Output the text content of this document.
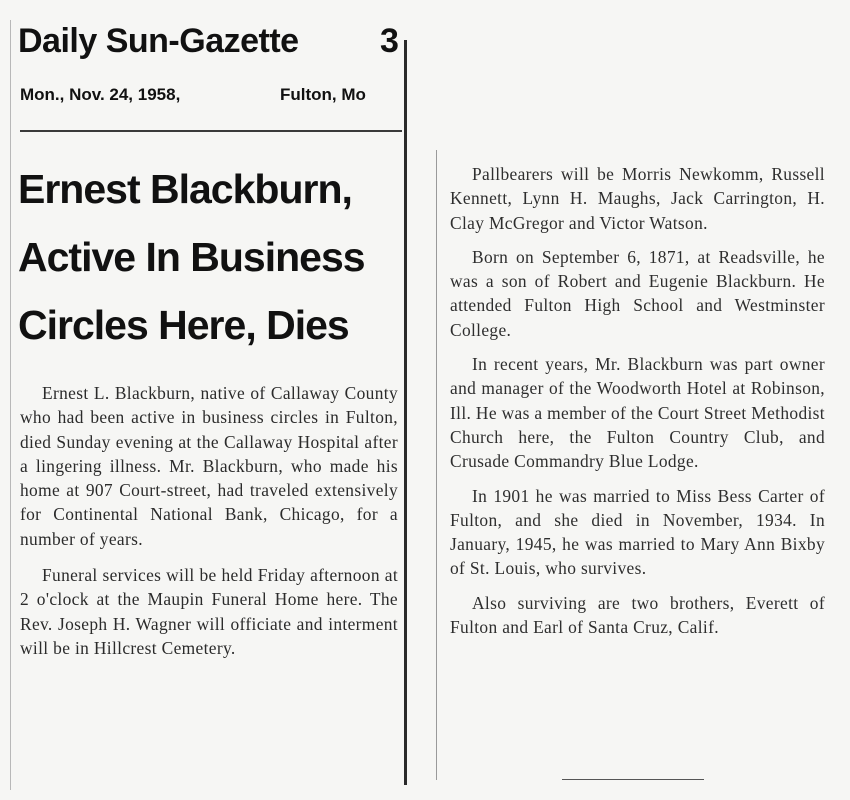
Daily Sun-Gazette 3
Mon., Nov. 24, 1958,	Fulton, Mo
Ernest Blackburn,
Active In Business
Circles Here, Dies

Ernest L. Blackburn, native of Callaway County who had been active in business circles in Fulton, died Sunday evening at the Callaway Hospital after a lingering illness. Mr. Blackburn, who made his home at 907 Court-street, had traveled extensively for Continental National Bank, Chicago, for a number of years.

Funeral services will be held Friday afternoon at 2 o'clock at the Maupin Funeral Home here. The Rev. Joseph H. Wagner will officiate and interment will be in Hillcrest Cemetery.

Pallbearers will be Morris Newkomm, Russell Kennett, Lynn H. Maughs, Jack Carrington, H. Clay McGregor and Victor Watson.

Born on September 6, 1871, at Readsville, he was a son of Robert and Eugenie Blackburn. He attended Fulton High School and Westminster College.

In recent years, Mr. Blackburn was part owner and manager of the Woodworth Hotel at Robinson, Ill. He was a member of the Court Street Methodist Church here, the Fulton Country Club, and Crusade Commandry Blue Lodge.

In 1901 he was married to Miss Bess Carter of Fulton, and she died in November, 1934. In January, 1945, he was married to Mary Ann Bixby of St. Louis, who survives.

Also surviving are two brothers, Everett of Fulton and Earl of Santa Cruz, Calif.
